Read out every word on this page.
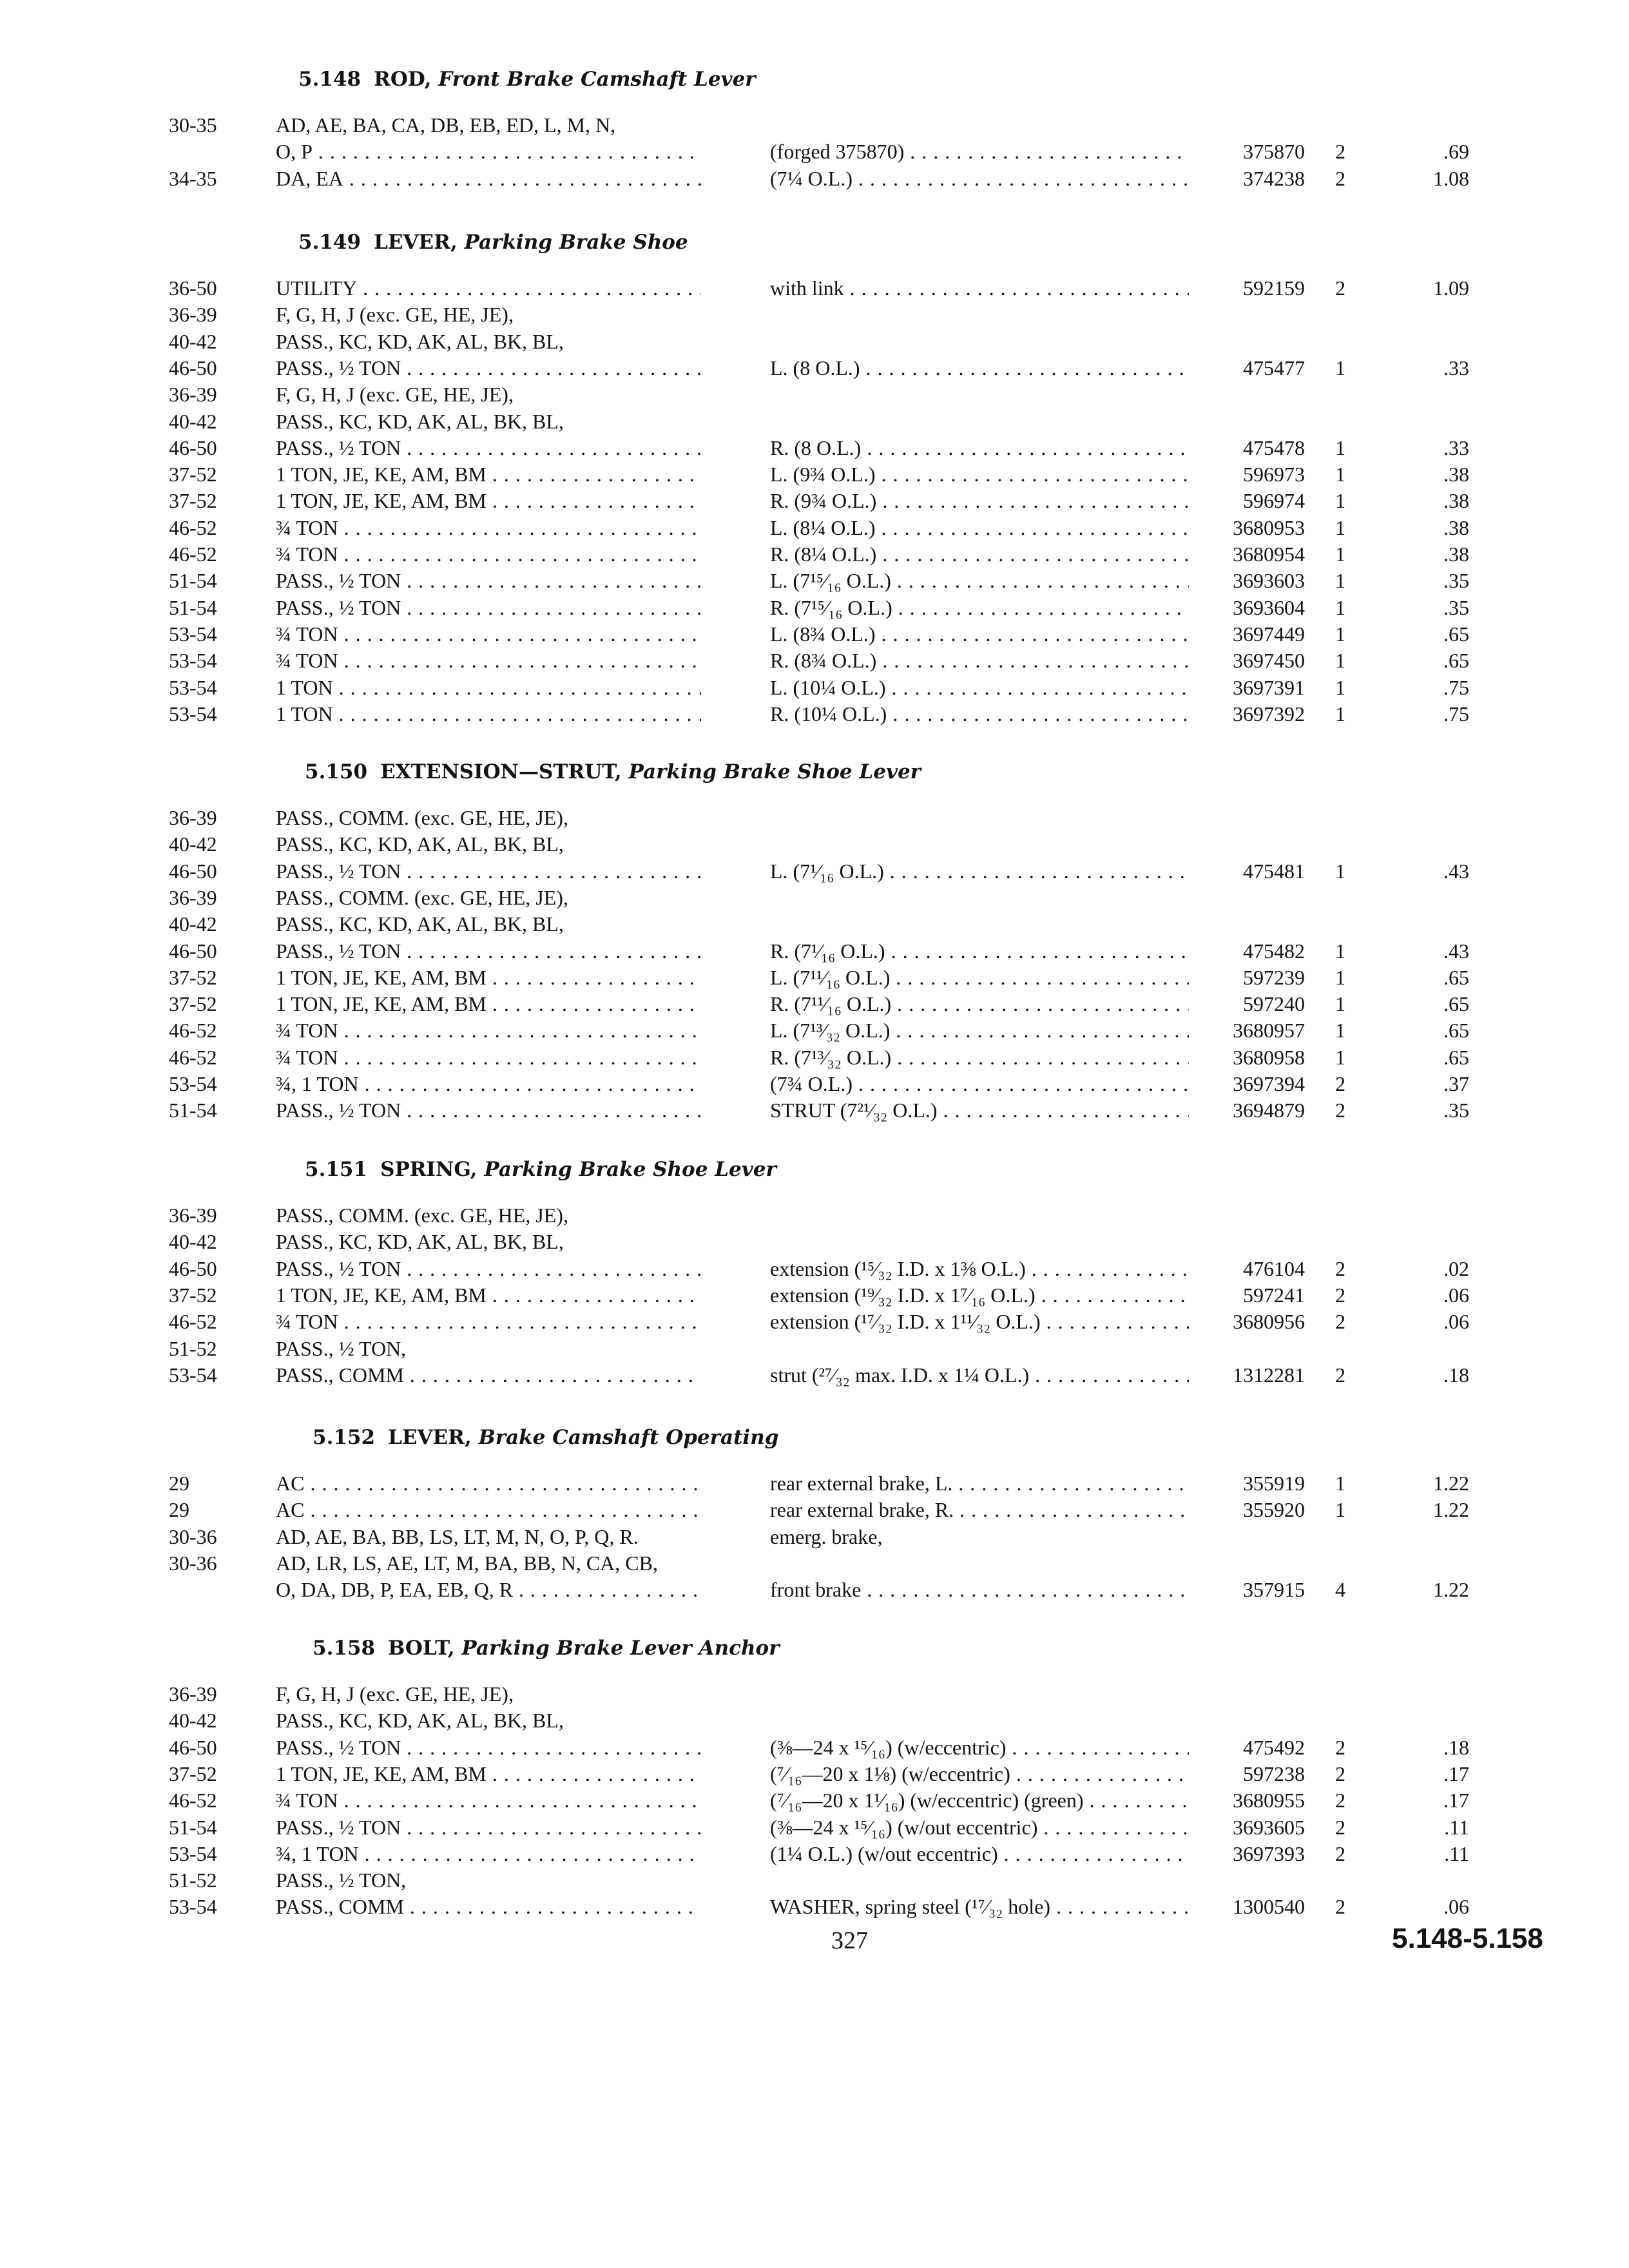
5.148 ROD, Front Brake Camshaft Lever
30-35	AD, AE, BA, CA, DB, EB, ED, L, M, N,
O, P . . .	(forged 375870) . . .	375870	2	.69
34-35	DA, EA . . .	(7¼ O.L.) . . .	374238	2	1.08
5.149 LEVER, Parking Brake Shoe
36-50	UTILITY . . .	with link . . .	592159	2	1.09
36-39	F, G, H, J (exc. GE, HE, JE),
40-42	PASS., KC, KD, AK, AL, BK, BL,
46-50	PASS., ½ TON . . .	L. (8 O.L.) . . .	475477	1	.33
36-39	F, G, H, J (exc. GE, HE, JE),
40-42	PASS., KC, KD, AK, AL, BK, BL,
46-50	PASS., ½ TON . . .	R. (8 O.L.) . . .	475478	1	.33
37-52	1 TON, JE, KE, AM, BM . . .	L. (9¾ O.L.) . . .	596973	1	.38
37-52	1 TON, JE, KE, AM, BM . . .	R. (9¾ O.L.) . . .	596974	1	.38
46-52	¾ TON . . .	L. (8¼ O.L.) . . .	3680953	1	.38
46-52	¾ TON . . .	R. (8¼ O.L.) . . .	3680954	1	.38
51-54	PASS., ½ TON . . .	L. (7¹⁵⁄₁₆ O.L.) . . .	3693603	1	.35
51-54	PASS., ½ TON . . .	R. (7¹⁵⁄₁₆ O.L.) . . .	3693604	1	.35
53-54	¾ TON . . .	L. (8¾ O.L.) . . .	3697449	1	.65
53-54	¾ TON . . .	R. (8¾ O.L.) . . .	3697450	1	.65
53-54	1 TON . . .	L. (10¼ O.L.) . . .	3697391	1	.75
53-54	1 TON . . .	R. (10¼ O.L.) . . .	3697392	1	.75
5.150 EXTENSION—STRUT, Parking Brake Shoe Lever
36-39	PASS., COMM. (exc. GE, HE, JE),
40-42	PASS., KC, KD, AK, AL, BK, BL,
46-50	PASS., ½ TON . . .	L. (7¹⁄₁₆ O.L.) . . .	475481	1	.43
36-39	PASS., COMM. (exc. GE, HE, JE),
40-42	PASS., KC, KD, AK, AL, BK, BL,
46-50	PASS., ½ TON . . .	R. (7¹⁄₁₆ O.L.) . . .	475482	1	.43
37-52	1 TON, JE, KE, AM, BM . . .	L. (7¹¹⁄₁₆ O.L.) . . .	597239	1	.65
37-52	1 TON, JE, KE, AM, BM . . .	R. (7¹¹⁄₁₆ O.L.) . . .	597240	1	.65
46-52	¾ TON . . .	L. (7¹³⁄₃₂ O.L.) . . .	3680957	1	.65
46-52	¾ TON . . .	R. (7¹³⁄₃₂ O.L.) . . .	3680958	1	.65
53-54	¾, 1 TON . . .	(7¾ O.L.) . . .	3697394	2	.37
51-54	PASS., ½ TON . . .	STRUT (7²¹⁄₃₂ O.L.) . . .	3694879	2	.35
5.151 SPRING, Parking Brake Shoe Lever
36-39	PASS., COMM. (exc. GE, HE, JE),
40-42	PASS., KC, KD, AK, AL, BK, BL,
46-50	PASS., ½ TON . . .	extension (¹⁵⁄₃₂ I.D. x 1⅜ O.L.) . . .	476104	2	.02
37-52	1 TON, JE, KE, AM, BM . . .	extension (¹⁹⁄₃₂ I.D. x 1⁷⁄₁₆ O.L.) . . .	597241	2	.06
46-52	¾ TON . . .	extension (¹⁷⁄₃₂ I.D. x 1¹¹⁄₃₂ O.L.) . . .	3680956	2	.06
51-52	PASS., ½ TON,
53-54	PASS., COMM . . .	strut (²⁷⁄₃₂ max. I.D. x 1¼ O.L.) . . .	1312281	2	.18
5.152 LEVER, Brake Camshaft Operating
29	AC . . .	rear external brake, L. . . .	355919	1	1.22
29	AC . . .	rear external brake, R. . . .	355920	1	1.22
30-36	AD, AE, BA, BB, LS, LT, M, N, O, P, Q, R.	emerg. brake,
30-36	AD, LR, LS, AE, LT, M, BA, BB, N, CA, CB,
O, DA, DB, P, EA, EB, Q, R . . .	front brake . . .	357915	4	1.22
5.158 BOLT, Parking Brake Lever Anchor
36-39	F, G, H, J (exc. GE, HE, JE),
40-42	PASS., KC, KD, AK, AL, BK, BL,
46-50	PASS., ½ TON . . .	(⅜—24 x ¹⁵⁄₁₆) (w/eccentric) . . .	475492	2	.18
37-52	1 TON, JE, KE, AM, BM . . .	(⁷⁄₁₆—20 x 1⅛) (w/eccentric) . . .	597238	2	.17
46-52	¾ TON . . .	(⁷⁄₁₆—20 x 1¹⁄₁₆) (w/eccentric) (green) . . .	3680955	2	.17
51-54	PASS., ½ TON . . .	(⅜—24 x ¹⁵⁄₁₆) (w/out eccentric) . . .	3693605	2	.11
53-54	¾, 1 TON . . .	(1¼ O.L.) (w/out eccentric) . . .	3697393	2	.11
51-52	PASS., ½ TON,
53-54	PASS., COMM . . .	WASHER, spring steel (¹⁷⁄₃₂ hole) . . .	1300540	2	.06
327	5.148-5.158
